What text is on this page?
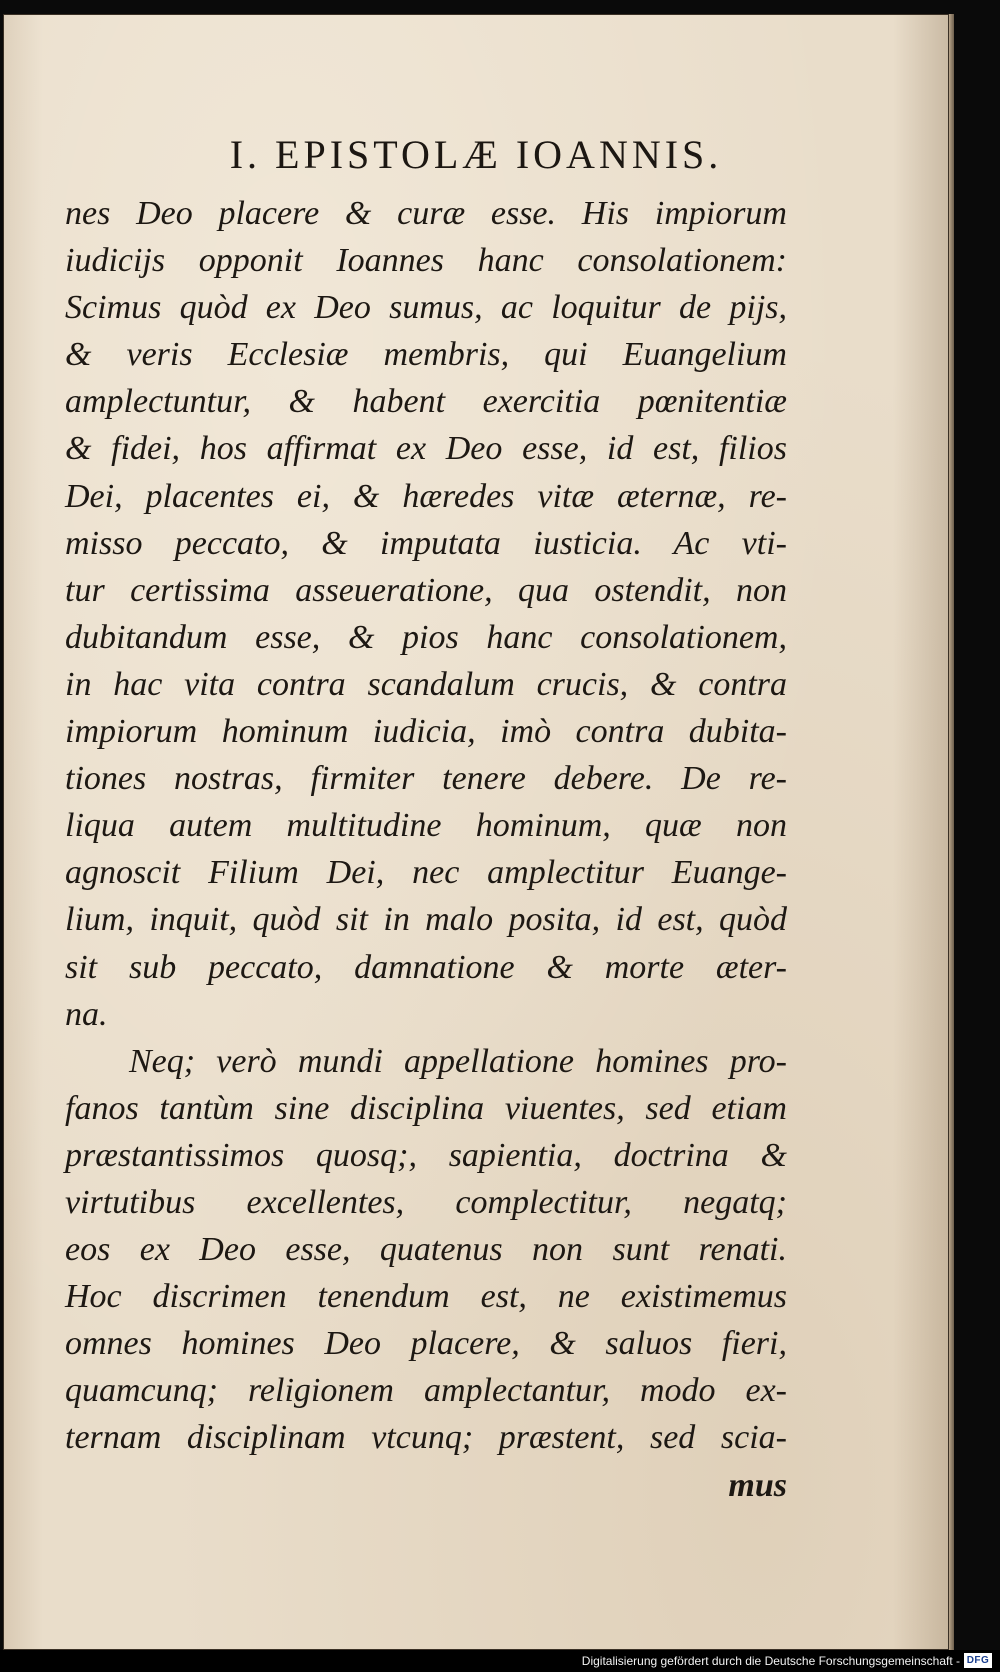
I. EPISTOLÆ IOANNIS.
nes Deo placere & curæ esse. His impiorum
iudicijs opponit Ioannes hanc consolationem:
Scimus quòd ex Deo sumus, ac loquitur de pijs,
& veris Ecclesiæ membris, qui Euangelium
amplectuntur, & habent exercitia pœnitentiæ
& fidei, hos affirmat ex Deo esse, id est, filios
Dei, placentes ei, & hæredes vitæ æternæ, re-
misso peccato, & imputata iusticia. Ac vti-
tur certissima asseueratione, qua ostendit, non
dubitandum esse, & pios hanc consolationem,
in hac vita contra scandalum crucis, & contra
impiorum hominum iudicia, imò contra dubita-
tiones nostras, firmiter tenere debere. De re-
liqua autem multitudine hominum, quæ non
agnoscit Filium Dei, nec amplectitur Euange-
lium, inquit, quòd sit in malo posita, id est, quòd
sit sub peccato, damnatione & morte æter-
na.
Neq; verò mundi appellatione homines pro-
fanos tantùm sine disciplina viuentes, sed etiam
præstantissimos quosq;, sapientia, doctrina &
virtutibus excellentes, complectitur, negatq;
eos ex Deo esse, quatenus non sunt renati.
Hoc discrimen tenendum est, ne existimemus
omnes homines Deo placere, & saluos fieri,
quamcunq; religionem amplectantur, modo ex-
ternam disciplinam vtcunq; præstent, sed scia-
mus
Digitalisierung gefördert durch die Deutsche Forschungsgemeinschaft - DFG
